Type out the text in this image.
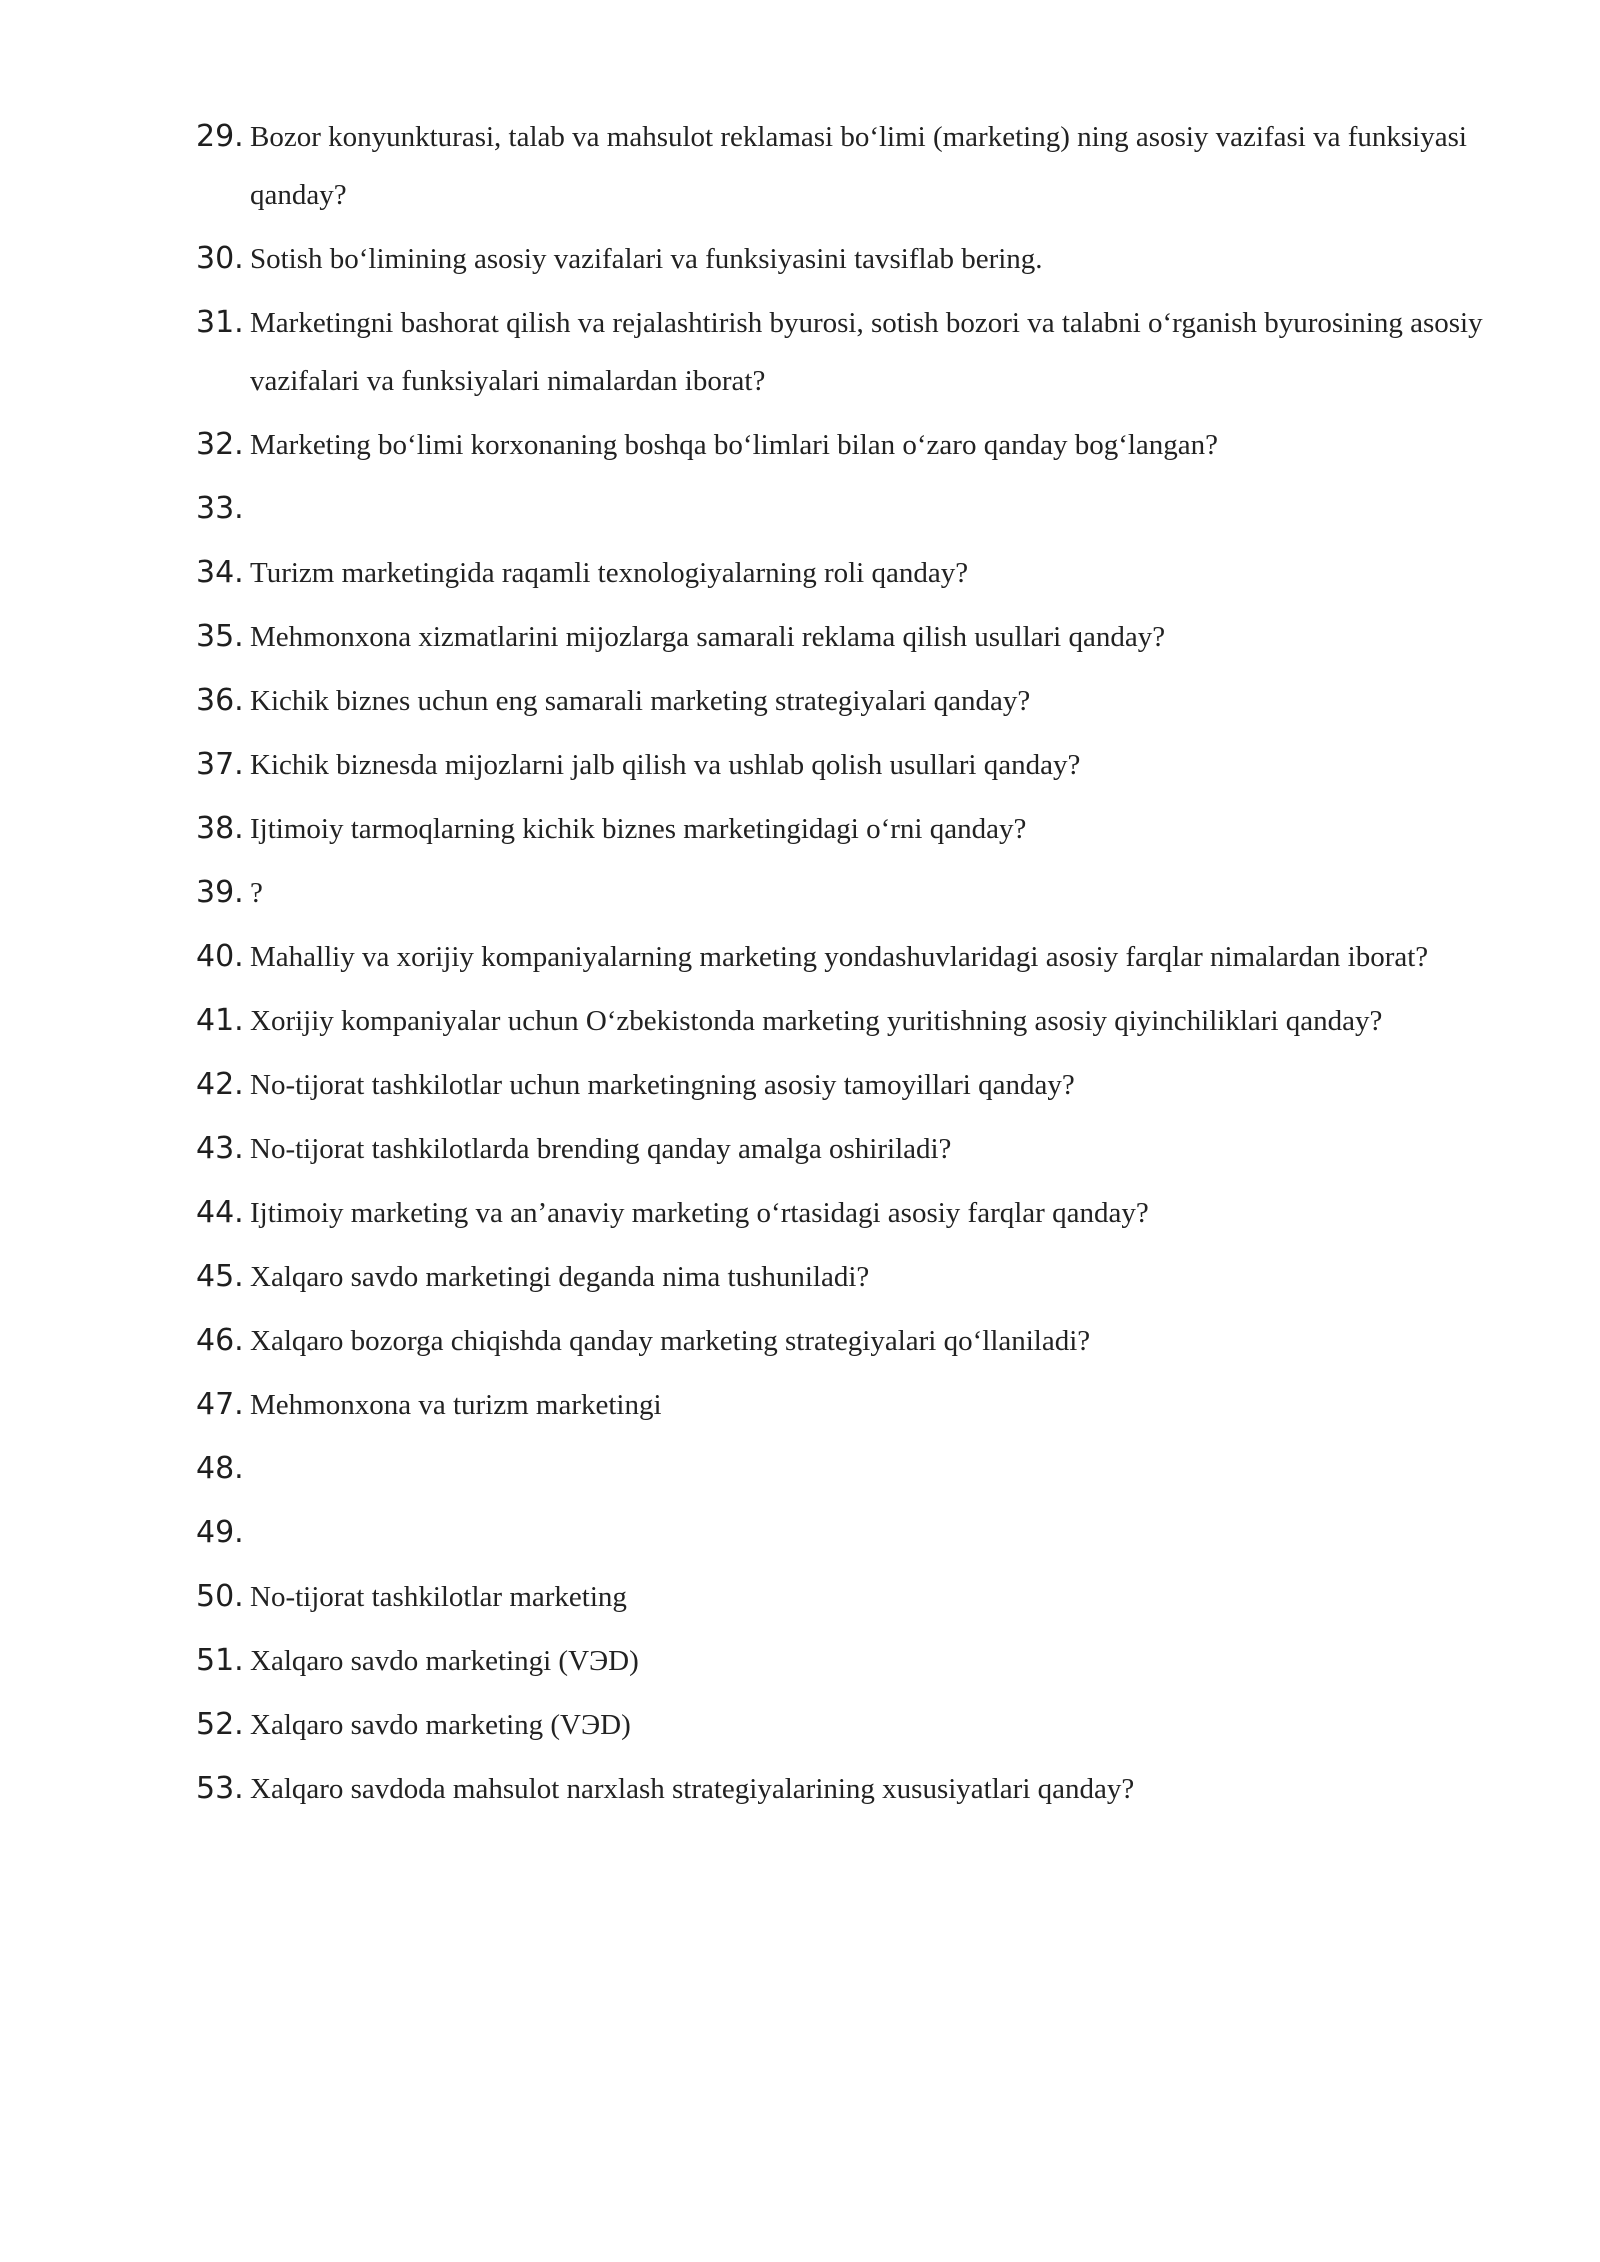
29. Bozor konyunkturasi, talab va mahsulot reklamasi bo‘limi (marketing) ning asosiy vazifasi va funksiyasi qanday?
30. Sotish bo‘limining asosiy vazifalari va funksiyasini tavsiflab bering.
31. Marketingni bashorat qilish va rejalashtirish byurosi, sotish bozori va talabni o‘rganish byurosining asosiy vazifalari va funksiyalari nimalardan iborat?
32. Marketing bo‘limi korxonaning boshqa bo‘limlari bilan o‘zaro qanday bog‘langan?
33.
34. Turizm marketingida raqamli texnologiyalarning roli qanday?
35. Mehmonxona xizmatlarini mijozlarga samarali reklama qilish usullari qanday?
36. Kichik biznes uchun eng samarali marketing strategiyalari qanday?
37. Kichik biznesda mijozlarni jalb qilish va ushlab qolish usullari qanday?
38. Ijtimoiy tarmoqlarning kichik biznes marketingidagi o‘rni qanday?
39. ?
40. Mahalliy va xorijiy kompaniyalarning marketing yondashuvlaridagi asosiy farqlar nimalardan iborat?
41. Xorijiy kompaniyalar uchun O‘zbekistonda marketing yuritishning asosiy qiyinchiliklari qanday?
42. No-tijorat tashkilotlar uchun marketingning asosiy tamoyillari qanday?
43. No-tijorat tashkilotlarda brending qanday amalga oshiriladi?
44. Ijtimoiy marketing va an’anaviy marketing o‘rtasidagi asosiy farqlar qanday?
45. Xalqaro savdo marketingi deganda nima tushuniladi?
46. Xalqaro bozorga chiqishda qanday marketing strategiyalari qo‘llaniladi?
47. Mehmonxona va turizm marketingi
48.
49.
50. No-tijorat tashkilotlar marketing
51. Xalqaro savdo marketingi (VЭD)
52. Xalqaro savdo marketing (VЭD)
53. Xalqaro savdoda mahsulot narxlash strategiyalarining xususiyatlari qanday?
